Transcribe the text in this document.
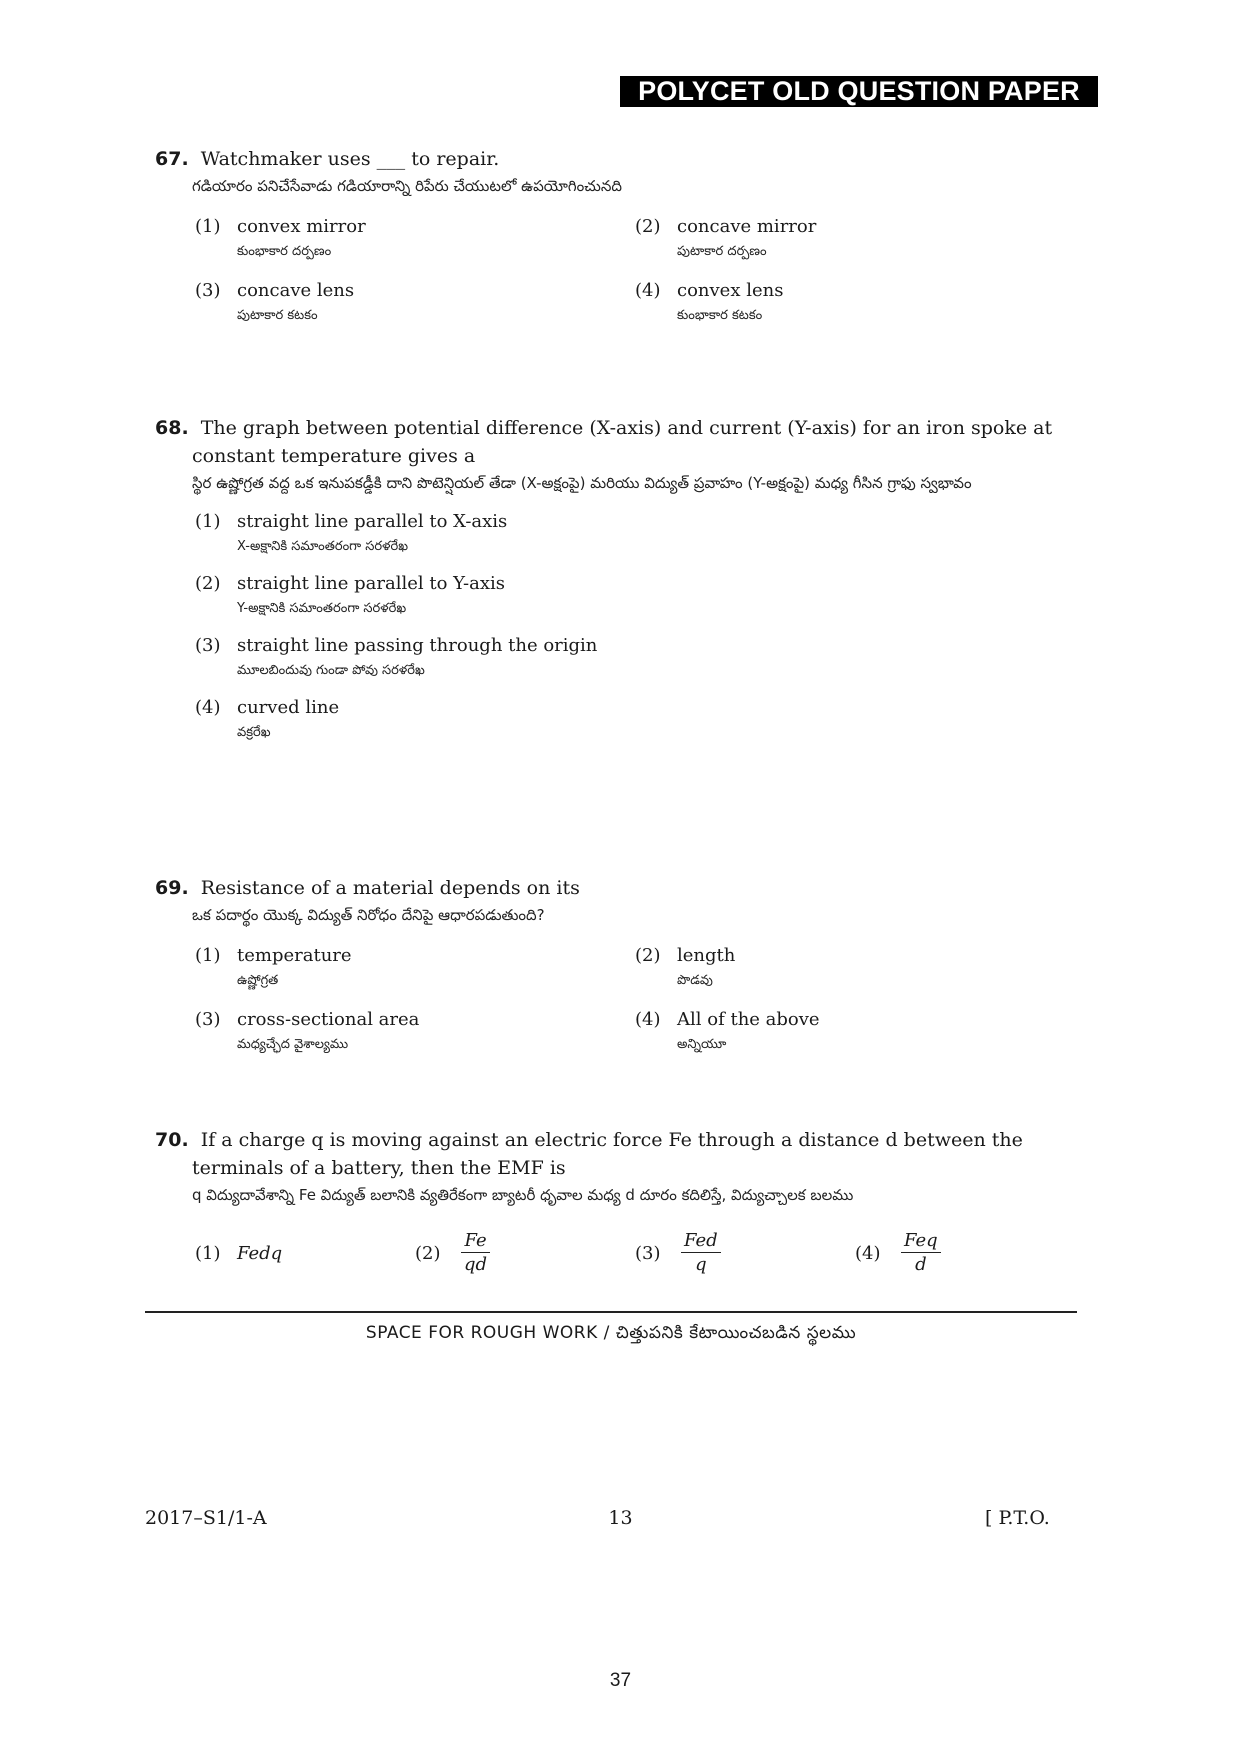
POLYCET OLD QUESTION PAPER
67. Watchmaker uses ___ to repair.
గడియారం పనిచేసేవాడు గడియారాన్ని రిపేరు చేయుటలో ఉపయోగించునది
(1) convex mirror
కుంభాకార దర్పణం
(2) concave mirror
పుటాకార దర్పణం
(3) concave lens
పుటాకార కటకం
(4) convex lens
కుంభాకార కటకం
68. The graph between potential difference (X-axis) and current (Y-axis) for an iron spoke at constant temperature gives a
స్థిర ఉష్ణోగ్రత వద్ద ఒక ఇనుపకడ్డీకి దాని పొటెన్షియల్ తేడా (X-అక్షంపై) మరియు విద్యుత్ ప్రవాహం (Y-అక్షంపై) మధ్య గీసిన గ్రాఫు స్వభావం
(1) straight line parallel to X-axis
X-అక్షానికి సమాంతరంగా సరళరేఖ
(2) straight line parallel to Y-axis
Y-అక్షానికి సమాంతరంగా సరళరేఖ
(3) straight line passing through the origin
మూలబిందువు గుండా పోవు సరళరేఖ
(4) curved line
వక్రరేఖ
69. Resistance of a material depends on its
ఒక పదార్థం యొక్క విద్యుత్ నిరోధం దేనిపై ఆధారపడుతుంది?
(1) temperature
ఉష్ణోగ్రత
(2) length
పొడవు
(3) cross-sectional area
మధ్యచ్ఛేద వైశాల్యము
(4) All of the above
అన్నియూ
70. If a charge q is moving against an electric force Fe through a distance d between the terminals of a battery, then the EMF is
q విద్యుదావేశాన్ని Fe విద్యుత్ బలానికి వ్యతిరేకంగా బ్యాటరీ ధృవాల మధ్య d దూరం కదిలిస్తే, విద్యుచ్చాలక బలము
(1) Fedq	(2)	$\frac{Fe}{qd}$	(3)	$\frac{\text{Fed}}{q}$	(4)	$\frac{\text{Feq}}{d}$
SPACE FOR ROUGH WORK / చిత్తుపనికి కేటాయించబడిన స్థలము
2017–S1/1-A	13	[ P.T.O.
37
